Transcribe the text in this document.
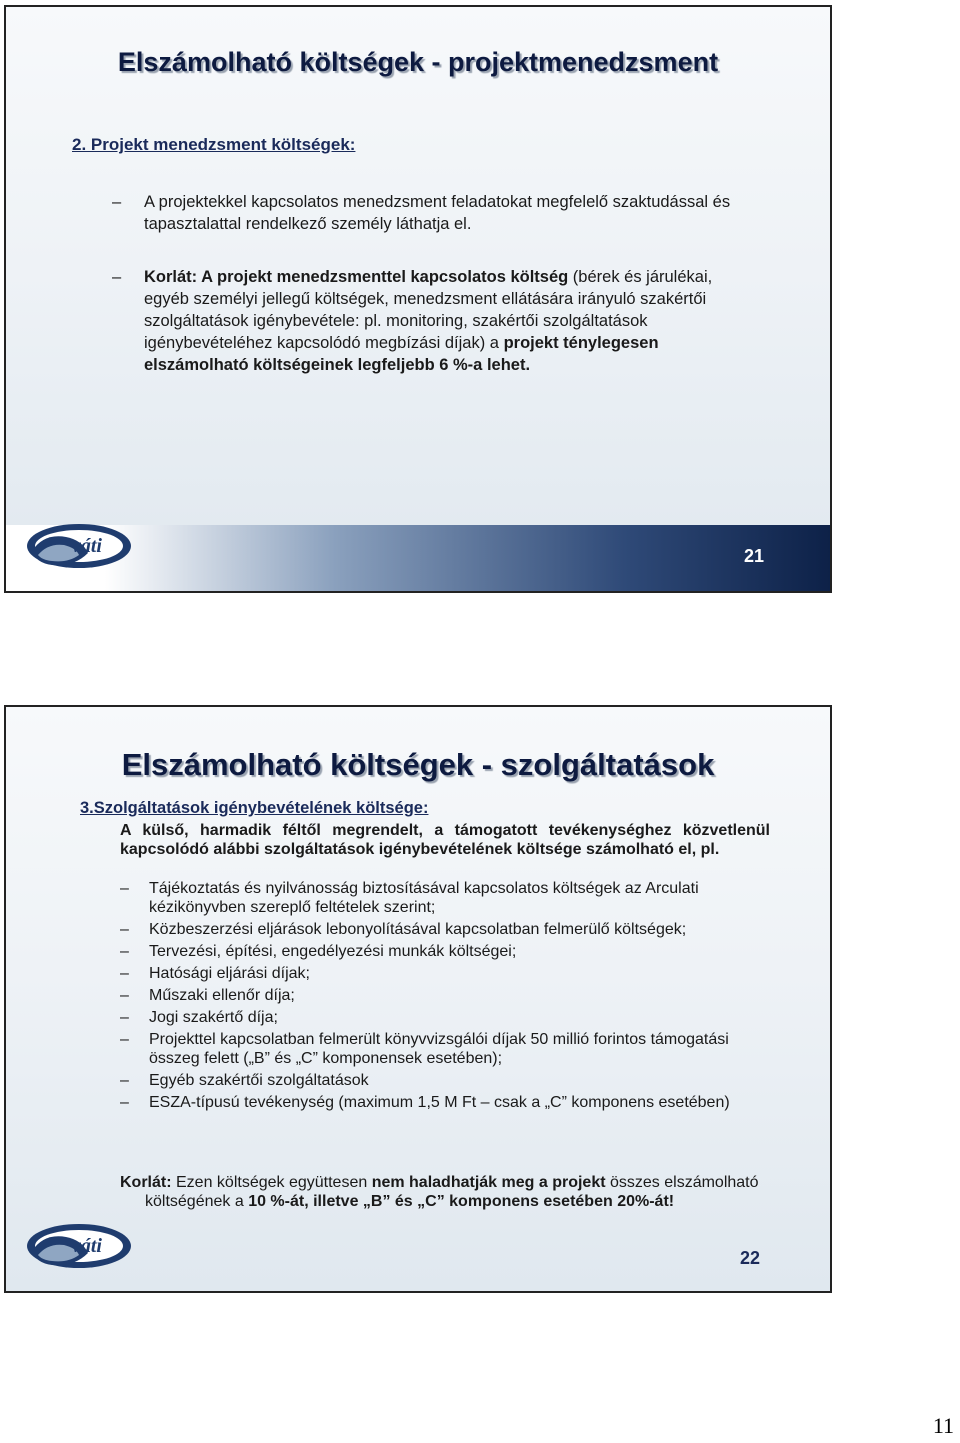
Elszámolható költségek - projektmenedzsment
2. Projekt menedzsment költségek:
–	A projektekkel kapcsolatos menedzsment feladatokat megfelelő szaktudással és tapasztalattal rendelkező személy láthatja el.
–	Korlát: A projekt menedzsmenttel kapcsolatos költség (bérek és járulékai, egyéb személyi jellegű költségek, menedzsment ellátására irányuló szakértői szolgáltatások igénybevétele: pl. monitoring, szakértői szolgáltatások igénybevételéhez kapcsolódó megbízási díjak) a projekt ténylegesen elszámolható költségeinek legfeljebb 6 %-a lehet.
váti	21
Elszámolható költségek - szolgáltatások
3.Szolgáltatások igénybevételének költsége:
A külső, harmadik féltől megrendelt, a támogatott tevékenységhez közvetlenül kapcsolódó alábbi szolgáltatások igénybevételének költsége számolható el, pl.
– Tájékoztatás és nyilvánosság biztosításával kapcsolatos költségek az Arculati kézikönyvben szereplő feltételek szerint;
– Közbeszerzési eljárások lebonyolításával kapcsolatban felmerülő költségek;
– Tervezési, építési, engedélyezési munkák költségei;
– Hatósági eljárási díjak;
– Műszaki ellenőr díja;
– Jogi szakértő díja;
– Projekttel kapcsolatban felmerült könyvvizsgálói díjak 50 millió forintos támogatási összeg felett („B” és „C” komponensek esetében);
– Egyéb szakértői szolgáltatások
– ESZA-típusú tevékenység (maximum 1,5 M Ft – csak a „C” komponens esetében)
Korlát: Ezen költségek együttesen nem haladhatják meg a projekt összes elszámolható költségének a 10 %-át, illetve „B” és „C” komponens esetében 20%-át!
váti
22
11
